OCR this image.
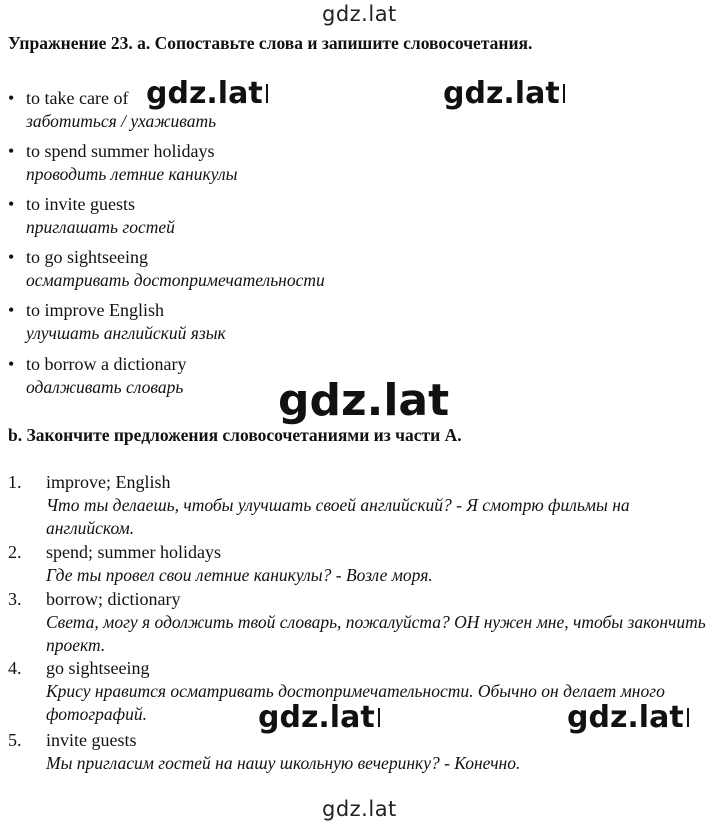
gdz.lat
Упражнение 23. а. Сопоставьте слова и запишите словосочетания.
• to take care of
заботиться / ухаживать
• to spend summer holidays
проводить летние каникулы
• to invite guests
приглашать гостей
• to go sightseeing
осматривать достопримечательности
• to improve English
улучшать английский язык
• to borrow a dictionary
одалживать словарь
b. Закончите предложения словосочетаниями из части А.
1. improve; English
Что ты делаешь, чтобы улучшать своей английский? - Я смотрю фильмы на английском.
2. spend; summer holidays
Где ты провел свои летние каникулы? - Возле моря.
3. borrow; dictionary
Света, могу я одолжить твой словарь, пожалуйста? ОН нужен мне, чтобы закончить проект.
4. go sightseeing
Крису нравится осматривать достопримечательности. Обычно он делает много фотографий.
5. invite guests
Мы пригласим гостей на нашу школьную вечеринку? - Конечно.
gdz.lat	gdz.lat
gdz.lat
gdz.lat	gdz.lat
gdz.lat
